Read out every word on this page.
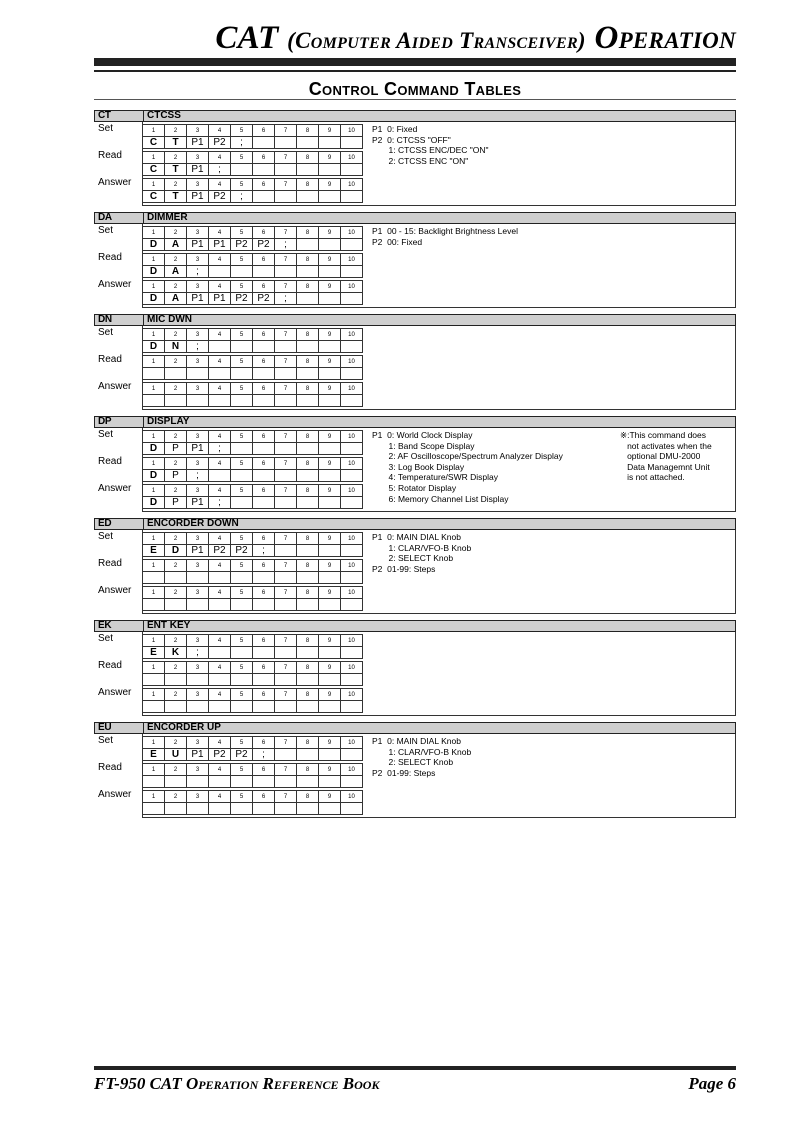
CAT (Computer Aided Transceiver) Operation
Control Command Tables
CT	CTCSS
Set	1	2	3	4	5	6	7	8	9	10
C	T	P1	P2	;					
Read	1	2	3	4	5	6	7	8	9	10
C	T	P1	;						
Answer	1	2	3	4	5	6	7	8	9	10
C	T	P1	P2	;					
P1  0: Fixed
P2  0: CTCSS "OFF"
1: CTCSS ENC/DEC "ON"
2: CTCSS ENC "ON"
DA	DIMMER
Set	1	2	3	4	5	6	7	8	9	10
D	A	P1	P1	P2	P2	;			
Read	1	2	3	4	5	6	7	8	9	10
D	A	;							
Answer	1	2	3	4	5	6	7	8	9	10
D	A	P1	P1	P2	P2	;			
P1  00 - 15: Backlight Brightness Level
P2  00: Fixed
DN	MIC DWN
Set	1	2	3	4	5	6	7	8	9	10
D	N	;							
Read	1	2	3	4	5	6	7	8	9	10

Answer	1	2	3	4	5	6	7	8	9	10

DP	DISPLAY
Set	1	2	3	4	5	6	7	8	9	10
D	P	P1	;						
Read	1	2	3	4	5	6	7	8	9	10
D	P	;							
Answer	1	2	3	4	5	6	7	8	9	10
D	P	P1	;						
P1  0: World Clock Display
1: Band Scope Display
2: AF Oscilloscope/Spectrum Analyzer Display
3: Log Book Display
4: Temperature/SWR Display
5: Rotator Display
6: Memory Channel List Display
※:This command does
not activates when the
optional DMU-2000
Data Managemnt Unit
is not attached.
ED	ENCORDER DOWN
Set	1	2	3	4	5	6	7	8	9	10
E	D	P1	P2	P2	;				
Read	1	2	3	4	5	6	7	8	9	10

Answer	1	2	3	4	5	6	7	8	9	10

P1  0: MAIN DIAL Knob
1: CLAR/VFO-B Knob
2: SELECT Knob
P2  01-99: Steps
EK	ENT KEY
Set	1	2	3	4	5	6	7	8	9	10
E	K	;							
Read	1	2	3	4	5	6	7	8	9	10

Answer	1	2	3	4	5	6	7	8	9	10

EU	ENCORDER UP
Set	1	2	3	4	5	6	7	8	9	10
E	U	P1	P2	P2	;				
Read	1	2	3	4	5	6	7	8	9	10

Answer	1	2	3	4	5	6	7	8	9	10

P1  0: MAIN DIAL Knob
1: CLAR/VFO-B Knob
2: SELECT Knob
P2  01-99: Steps
FT-950 CAT Operation Reference Book	Page 6
